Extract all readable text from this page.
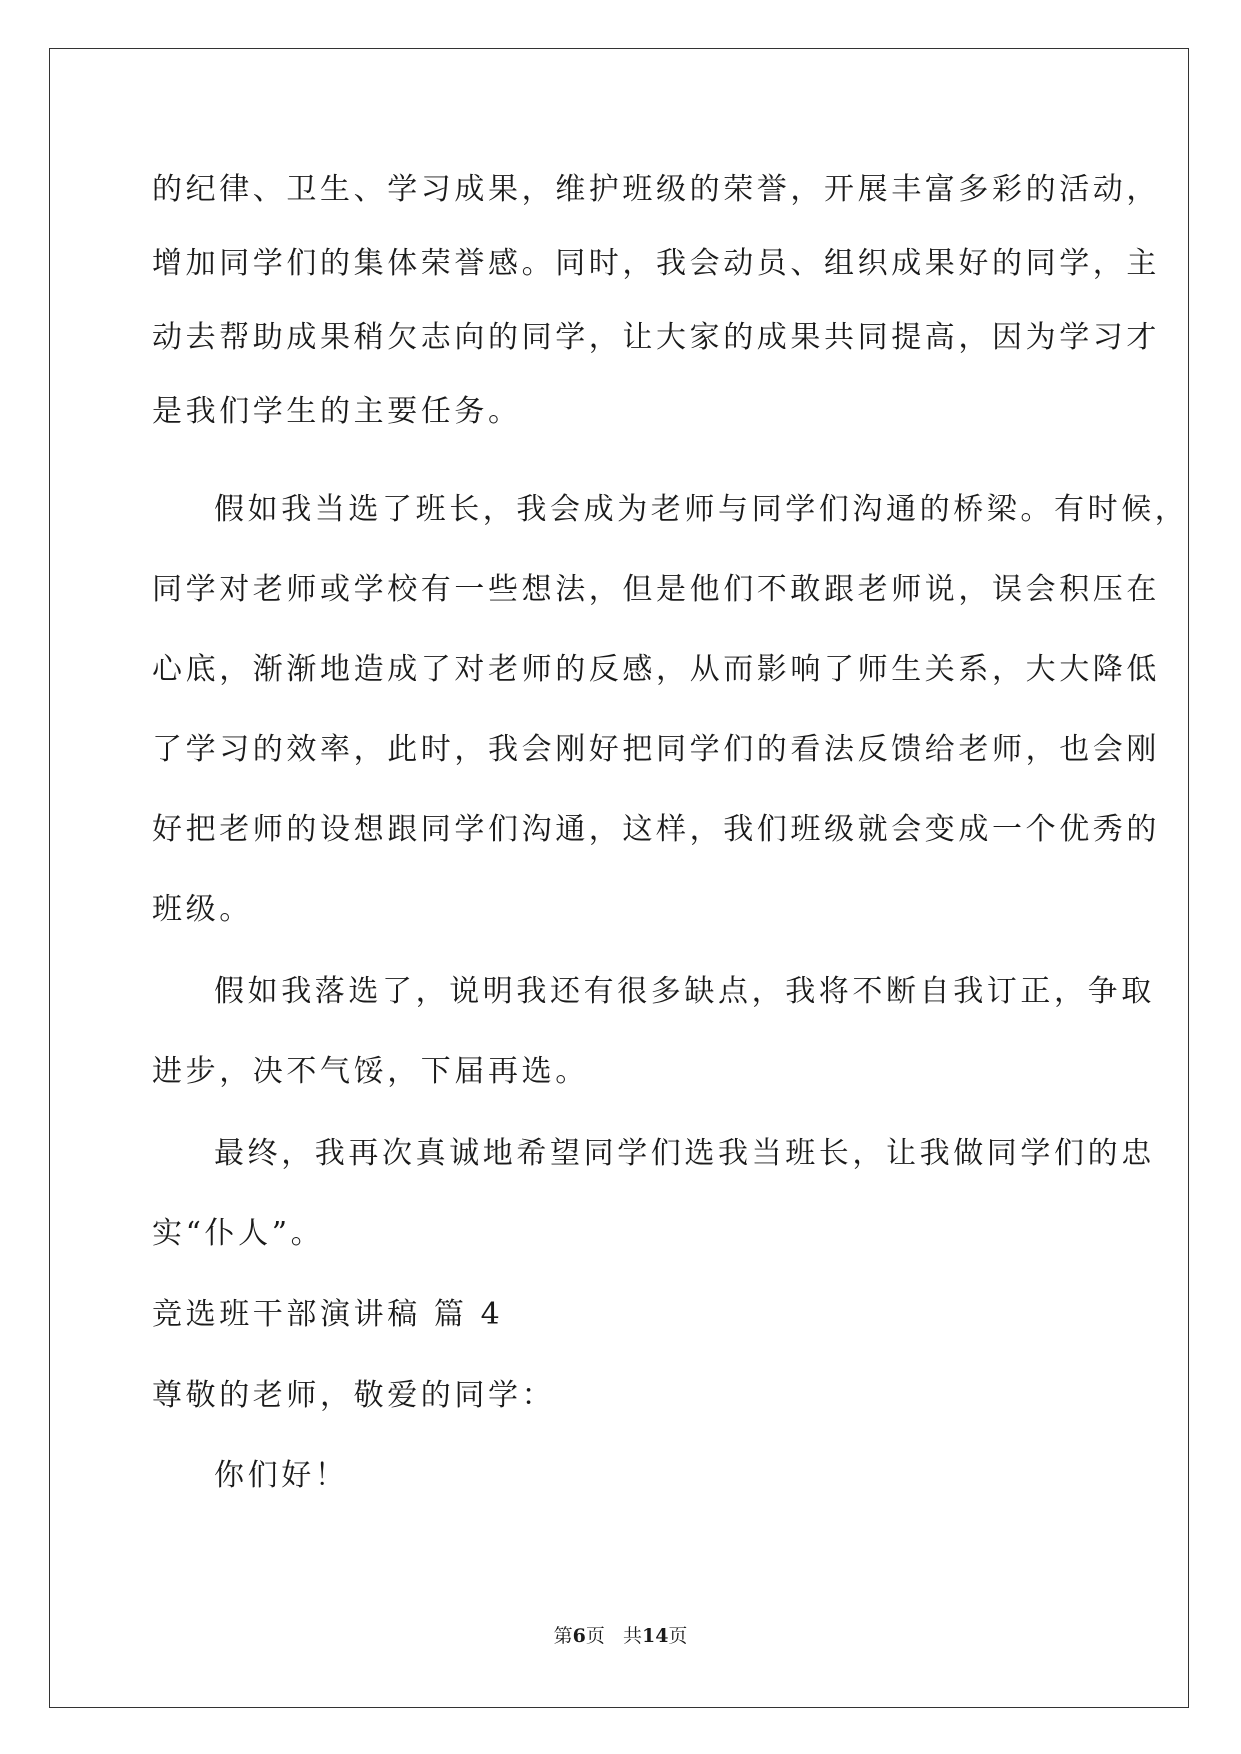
的纪律、卫生、学习成果，维护班级的荣誉，开展丰富多彩的活动，
增加同学们的集体荣誉感。同时，我会动员、组织成果好的同学，主
动去帮助成果稍欠志向的同学，让大家的成果共同提高，因为学习才
是我们学生的主要任务。
假如我当选了班长，我会成为老师与同学们沟通的桥梁。有时候，
同学对老师或学校有一些想法，但是他们不敢跟老师说，误会积压在
心底，渐渐地造成了对老师的反感，从而影响了师生关系，大大降低
了学习的效率，此时，我会刚好把同学们的看法反馈给老师，也会刚
好把老师的设想跟同学们沟通，这样，我们班级就会变成一个优秀的
班级。
假如我落选了，说明我还有很多缺点，我将不断自我订正，争取
进步，决不气馁，下届再选。
最终，我再次真诚地希望同学们选我当班长，让我做同学们的忠
实“仆人”。
竞选班干部演讲稿 篇 4
尊敬的老师，敬爱的同学：
你们好！
第6页 共14页
